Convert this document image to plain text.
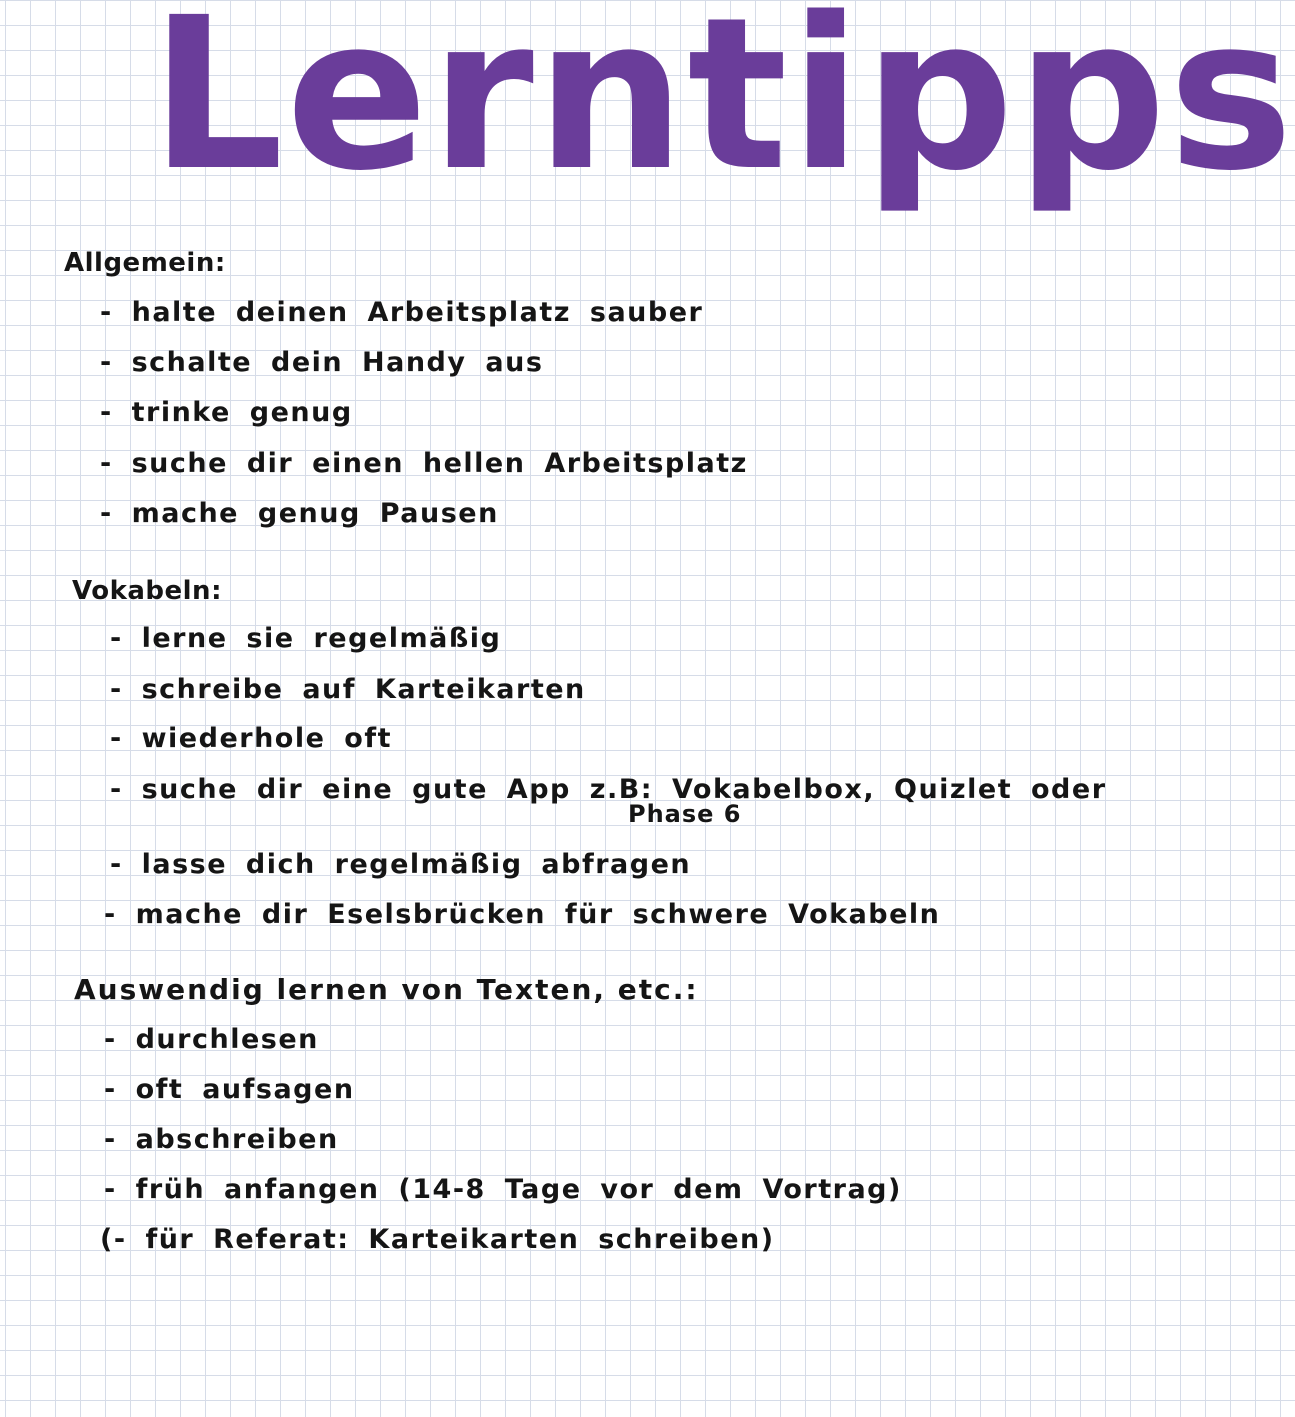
Lerntipps
Allgemein:
- halte deinen Arbeitsplatz sauber
- schalte dein Handy aus
- trinke genug
- suche dir einen hellen Arbeitsplatz
- mache genug Pausen
Vokabeln:
- lerne sie regelmäßig
- schreibe auf Karteikarten
- wiederhole oft
- suche dir eine gute App z.B: Vokabelbox, Quizlet oder
Phase 6
- lasse dich regelmäßig abfragen
- mache dir Eselsbrücken für schwere Vokabeln
Auswendig lernen von Texten, etc.:
- durchlesen
- oft aufsagen
- abschreiben
- früh anfangen (14-8 Tage vor dem Vortrag)
(- für Referat: Karteikarten schreiben)
